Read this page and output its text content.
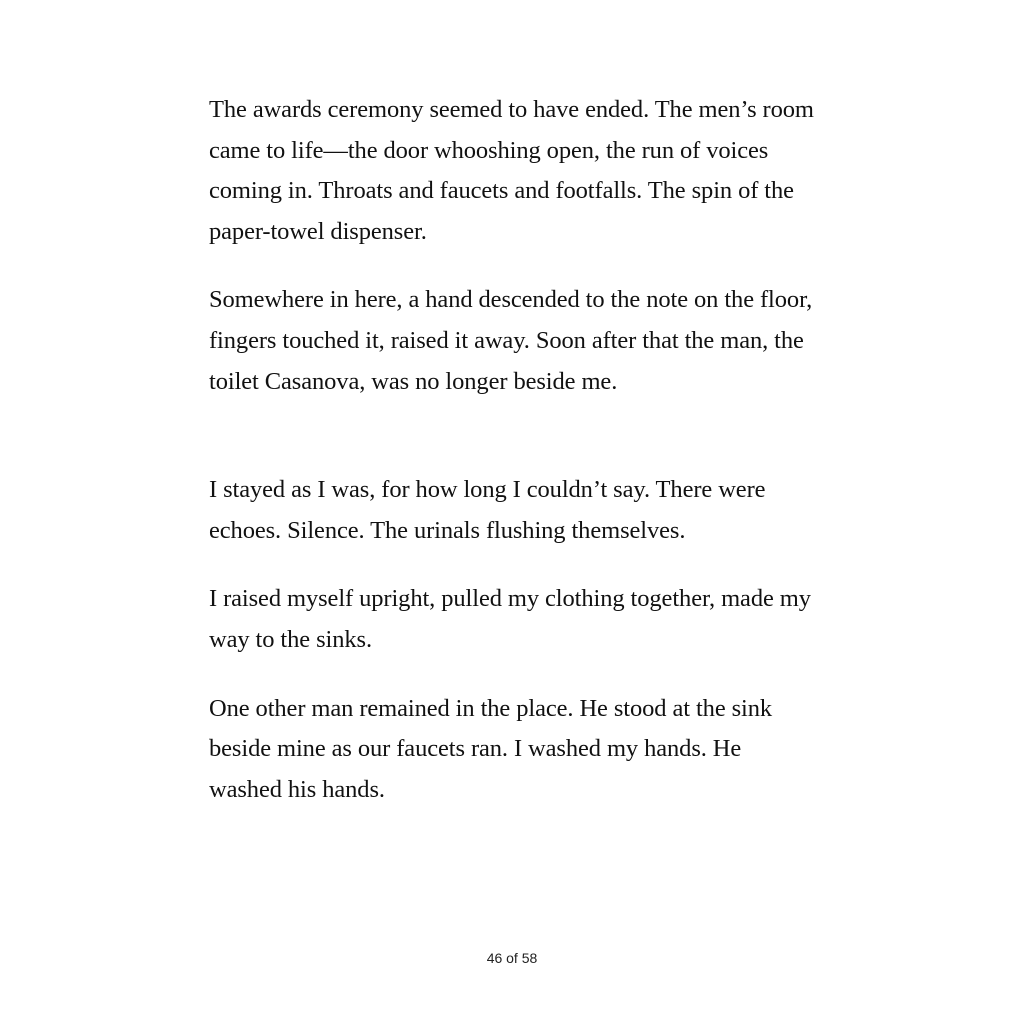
The awards ceremony seemed to have ended. The men’s room came to life—the door whooshing open, the run of voices coming in. Throats and faucets and footfalls. The spin of the paper-towel dispenser.

Somewhere in here, a hand descended to the note on the floor, fingers touched it, raised it away. Soon after that the man, the toilet Casanova, was no longer beside me.

I stayed as I was, for how long I couldn’t say. There were echoes. Silence. The urinals flushing themselves.

I raised myself upright, pulled my clothing together, made my way to the sinks.

One other man remained in the place. He stood at the sink beside mine as our faucets ran. I washed my hands. He washed his hands.

46 of 58
